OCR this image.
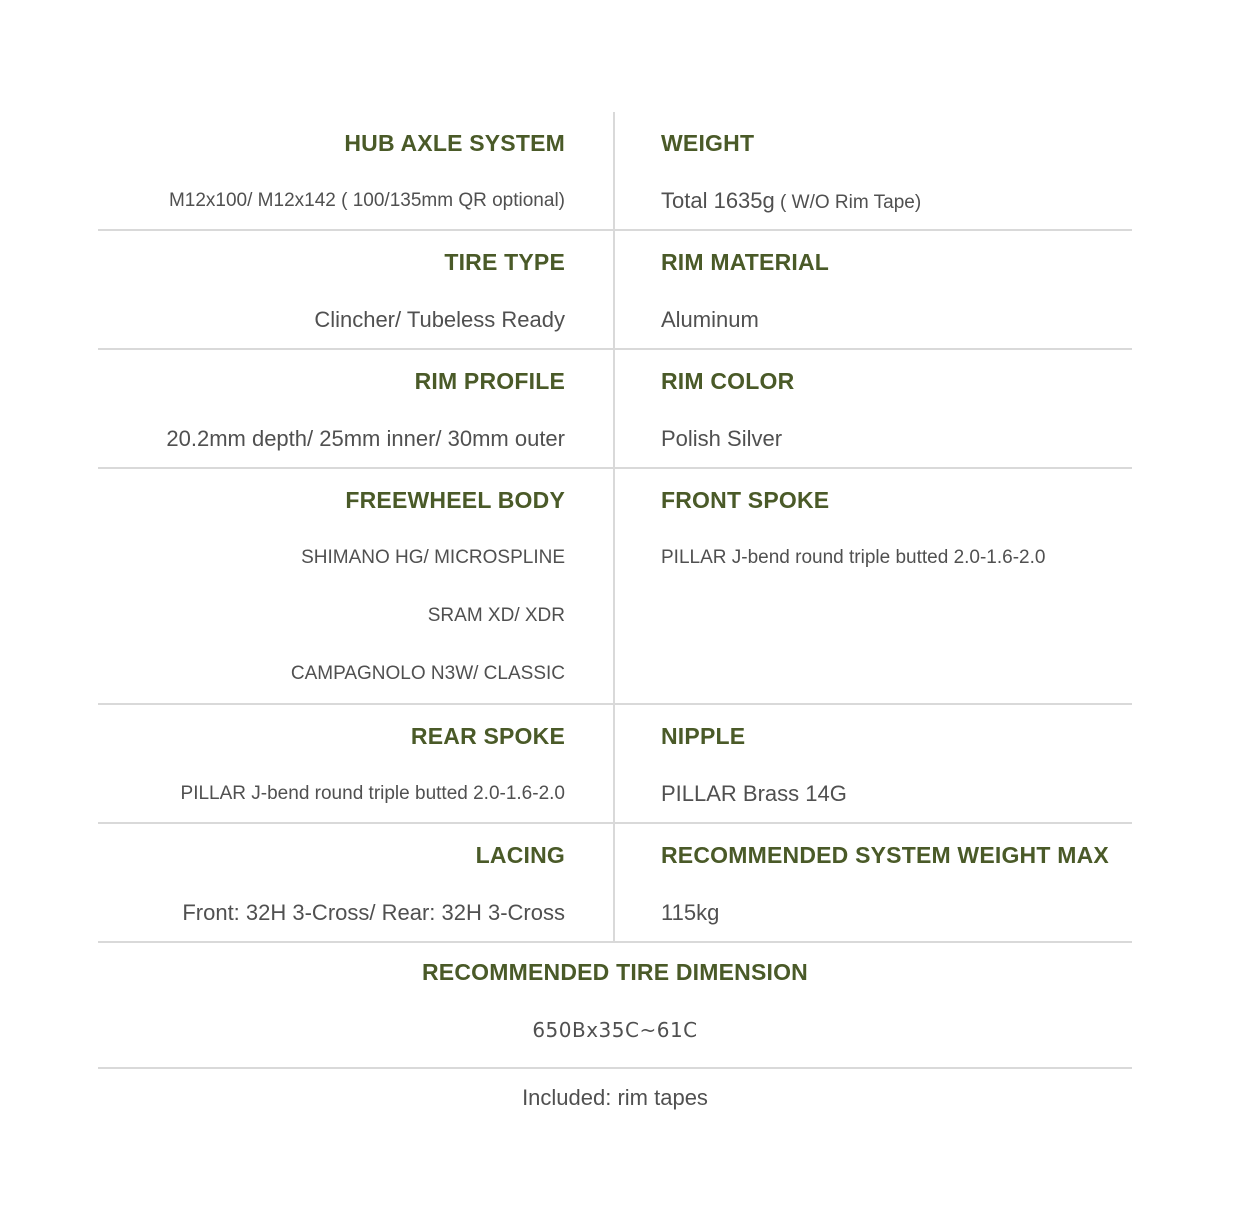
HUB AXLE SYSTEM
M12x100/ M12x142 ( 100/135mm QR optional)
WEIGHT
Total 1635g ( W/O Rim Tape)
TIRE TYPE
Clincher/ Tubeless Ready
RIM MATERIAL
Aluminum
RIM PROFILE
20.2mm depth/ 25mm inner/ 30mm outer
RIM COLOR
Polish Silver
FREEWHEEL BODY
SHIMANO HG/ MICROSPLINE
SRAM XD/ XDR
CAMPAGNOLO N3W/ CLASSIC
FRONT SPOKE
PILLAR J-bend round triple butted 2.0-1.6-2.0
REAR SPOKE
PILLAR J-bend round triple butted 2.0-1.6-2.0
NIPPLE
PILLAR Brass 14G
LACING
Front: 32H 3-Cross/ Rear: 32H 3-Cross
RECOMMENDED SYSTEM WEIGHT MAX
115kg
RECOMMENDED TIRE DIMENSION
650Bx35C~61C
Included: rim tapes
